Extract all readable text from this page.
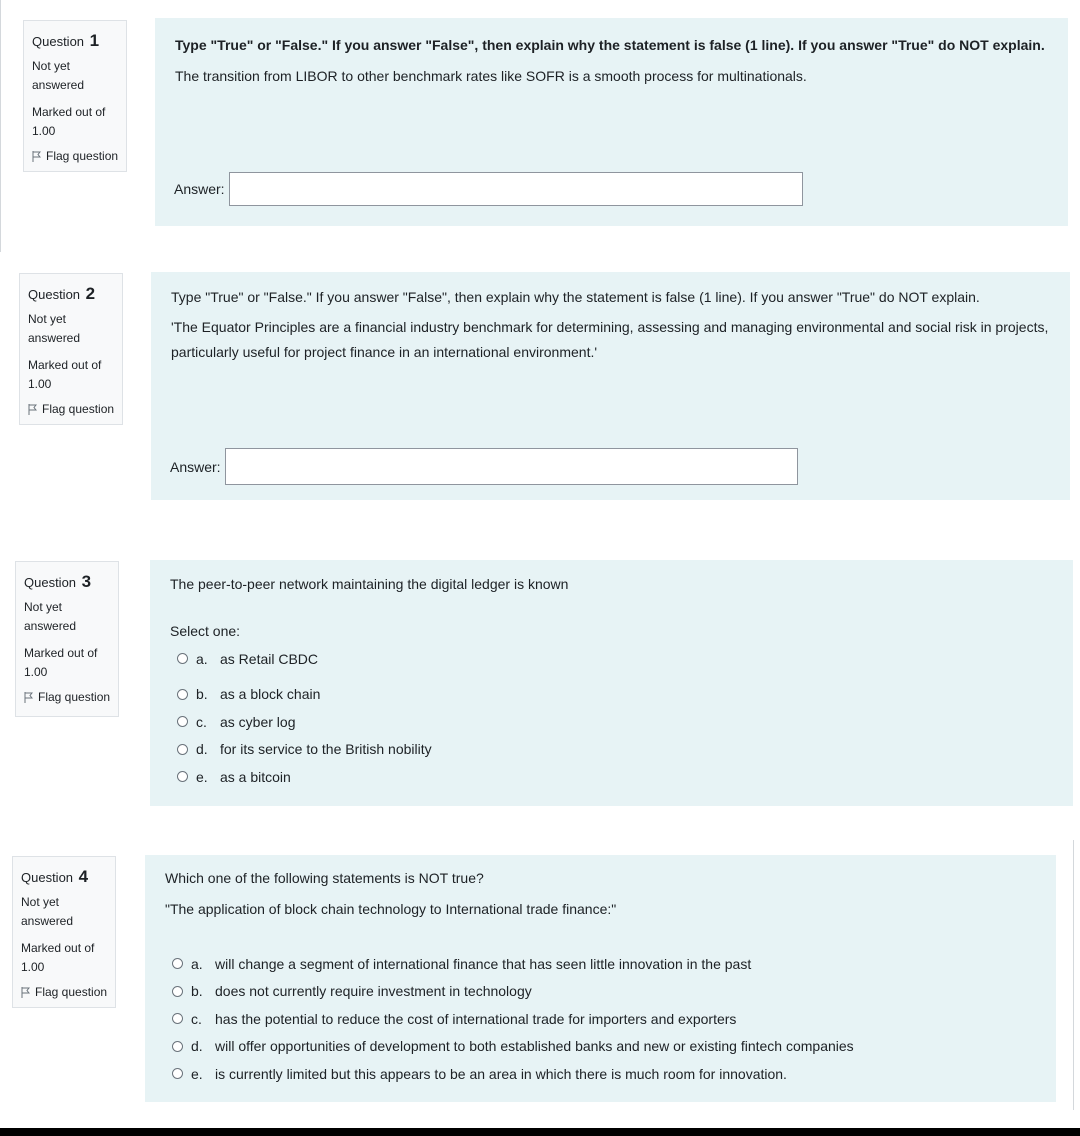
Question 1
Not yet
answered
Marked out of
1.00
Flag question

Type "True" or "False." If you answer "False", then explain why the statement is false (1 line). If you answer "True" do NOT explain.

The transition from LIBOR to other benchmark rates like SOFR is a smooth process for multinationals.

Answer:
Question 2
Not yet
answered
Marked out of
1.00
Flag question

Type "True" or "False." If you answer "False", then explain why the statement is false (1 line). If you answer "True" do NOT explain.

'The Equator Principles are a financial industry benchmark for determining, assessing and managing environmental and social risk in projects, particularly useful for project finance in an international environment.'

Answer:
Question 3
Not yet
answered
Marked out of
1.00
Flag question

The peer-to-peer network maintaining the digital ledger is known

Select one:
a. as Retail CBDC
b. as a block chain
c. as cyber log
d. for its service to the British nobility
e. as a bitcoin
Question 4
Not yet
answered
Marked out of
1.00
Flag question

Which one of the following statements is NOT true?

"The application of block chain technology to International trade finance:"

a. will change a segment of international finance that has seen little innovation in the past
b. does not currently require investment in technology
c. has the potential to reduce the cost of international trade for importers and exporters
d. will offer opportunities of development to both established banks and new or existing fintech companies
e. is currently limited but this appears to be an area in which there is much room for innovation.
